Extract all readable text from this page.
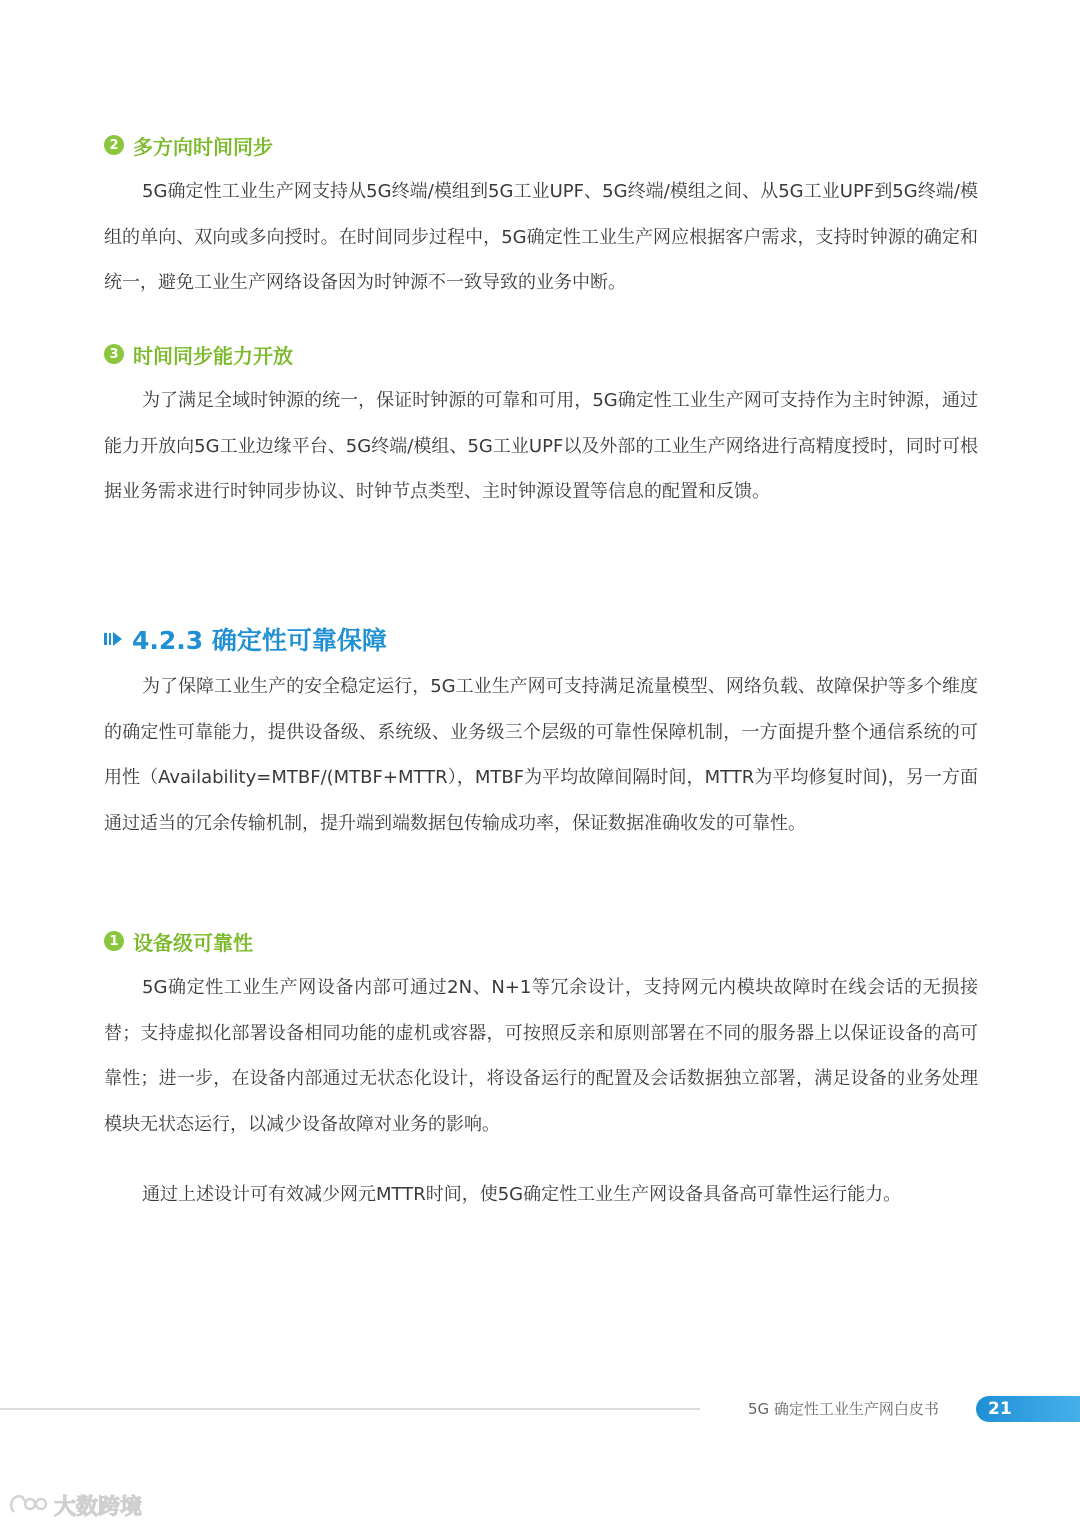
2 多方向时间同步

5G确定性工业生产网支持从5G终端/模组到5G工业UPF、5G终端/模组之间、从5G工业UPF到5G终端/模组的单向、双向或多向授时。在时间同步过程中，5G确定性工业生产网应根据客户需求，支持时钟源的确定和统一，避免工业生产网络设备因为时钟源不一致导致的业务中断。

3 时间同步能力开放

为了满足全域时钟源的统一，保证时钟源的可靠和可用，5G确定性工业生产网可支持作为主时钟源，通过能力开放向5G工业边缘平台、5G终端/模组、5G工业UPF以及外部的工业生产网络进行高精度授时，同时可根据业务需求进行时钟同步协议、时钟节点类型、主时钟源设置等信息的配置和反馈。

4.2.3 确定性可靠保障

为了保障工业生产的安全稳定运行，5G工业生产网可支持满足流量模型、网络负载、故障保护等多个维度的确定性可靠能力，提供设备级、系统级、业务级三个层级的可靠性保障机制，一方面提升整个通信系统的可用性（Availability=MTBF/(MTBF+MTTR），MTBF为平均故障间隔时间，MTTR为平均修复时间)，另一方面通过适当的冗余传输机制，提升端到端数据包传输成功率，保证数据准确收发的可靠性。

1 设备级可靠性

5G确定性工业生产网设备内部可通过2N、N+1等冗余设计，支持网元内模块故障时在线会话的无损接替；支持虚拟化部署设备相同功能的虚机或容器，可按照反亲和原则部署在不同的服务器上以保证设备的高可靠性；进一步，在设备内部通过无状态化设计，将设备运行的配置及会话数据独立部署，满足设备的业务处理模块无状态运行，以减少设备故障对业务的影响。

通过上述设计可有效减少网元MTTR时间，使5G确定性工业生产网设备具备高可靠性运行能力。

5G 确定性工业生产网白皮书	21
大数跨境
